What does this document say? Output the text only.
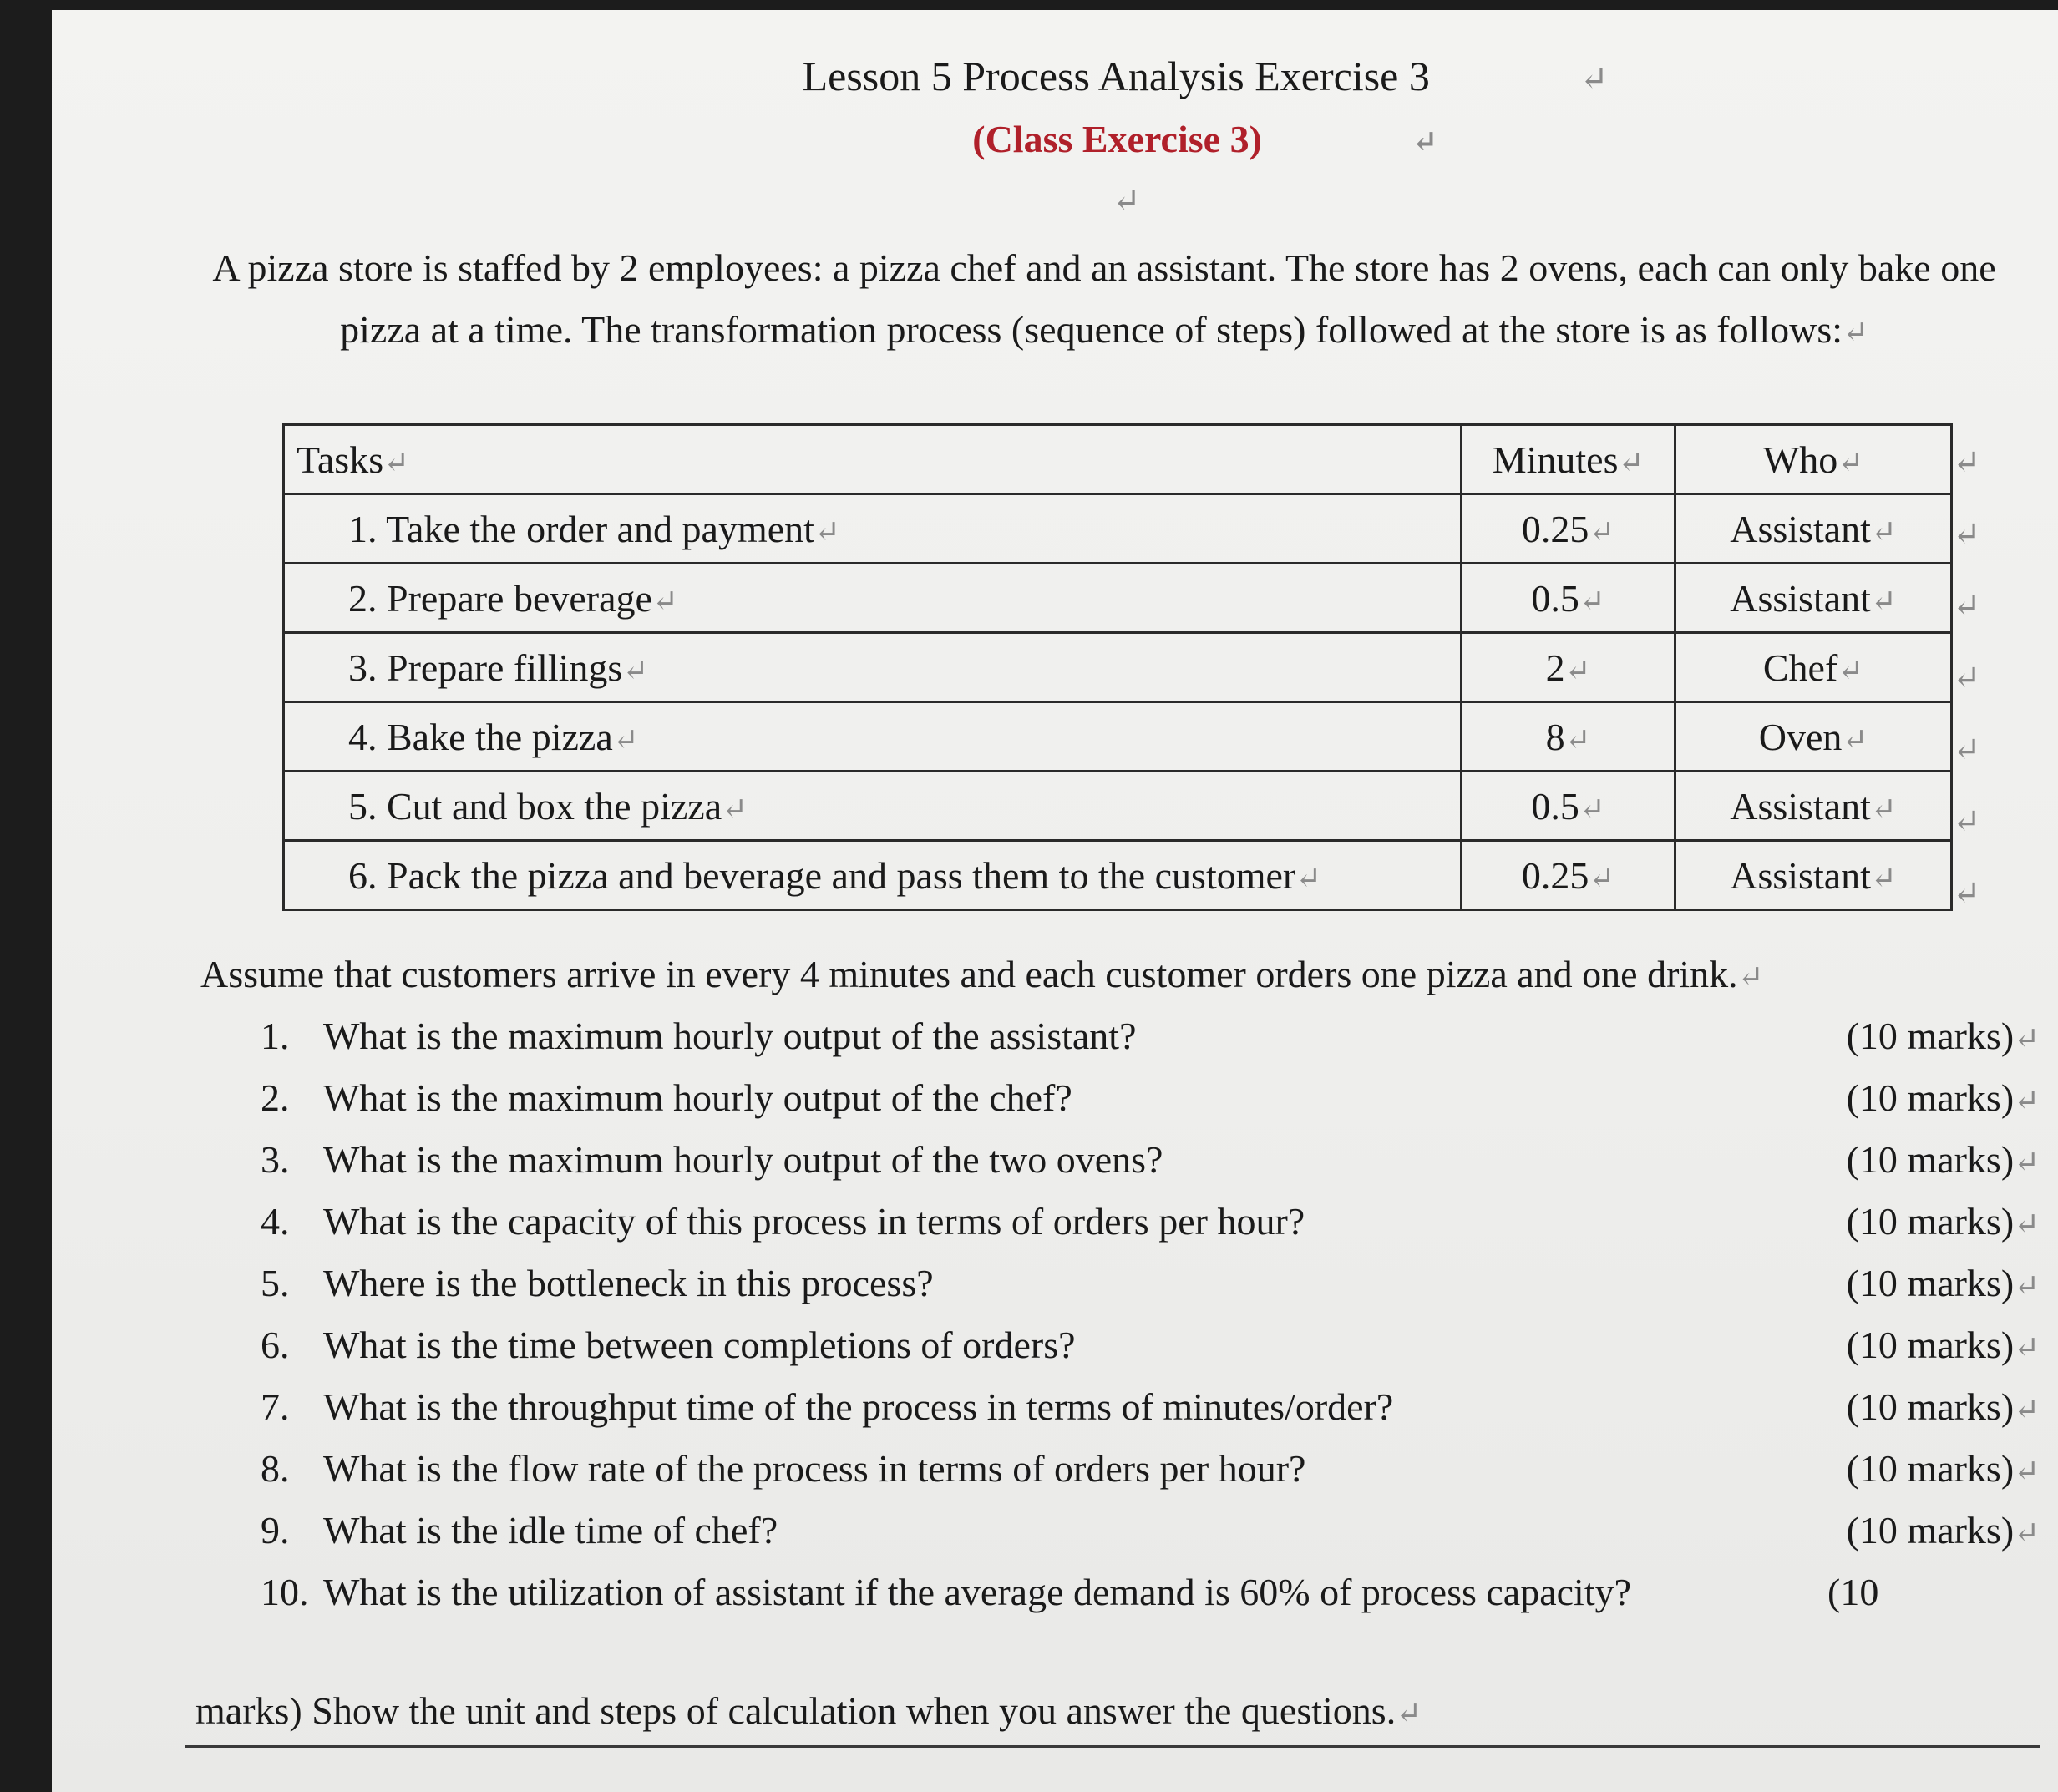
Lesson 5 Process Analysis Exercise 3	↵
(Class Exercise 3)	↵
↵
A pizza store is staffed by 2 employees: a pizza chef and an assistant. The store has 2 ovens, each can only bake one pizza at a time. The transformation process (sequence of steps) followed at the store is as follows:↵
Tasks↵	Minutes↵	Who↵
1. Take the order and payment↵	0.25↵	Assistant↵
2. Prepare beverage↵	0.5↵	Assistant↵
3. Prepare fillings↵	2↵	Chef↵
4. Bake the pizza↵	8↵	Oven↵
5. Cut and box the pizza↵	0.5↵	Assistant↵
6. Pack the pizza and beverage and pass them to the customer↵	0.25↵	Assistant↵
↵
↵
↵
↵
↵
↵
↵
Assume that customers arrive in every 4 minutes and each customer orders one pizza and one drink.↵
1. What is the maximum hourly output of the assistant?	(10 marks)↵
2. What is the maximum hourly output of the chef?	(10 marks)↵
3. What is the maximum hourly output of the two ovens?	(10 marks)↵
4. What is the capacity of this process in terms of orders per hour?	(10 marks)↵
5. Where is the bottleneck in this process?	(10 marks)↵
6. What is the time between completions of orders?	(10 marks)↵
7. What is the throughput time of the process in terms of minutes/order?	(10 marks)↵
8. What is the flow rate of the process in terms of orders per hour?	(10 marks)↵
9. What is the idle time of chef?	(10 marks)↵
10. What is the utilization of assistant if the average demand is 60% of process capacity?	(10
marks) Show the unit and steps of calculation when you answer the questions.↵
